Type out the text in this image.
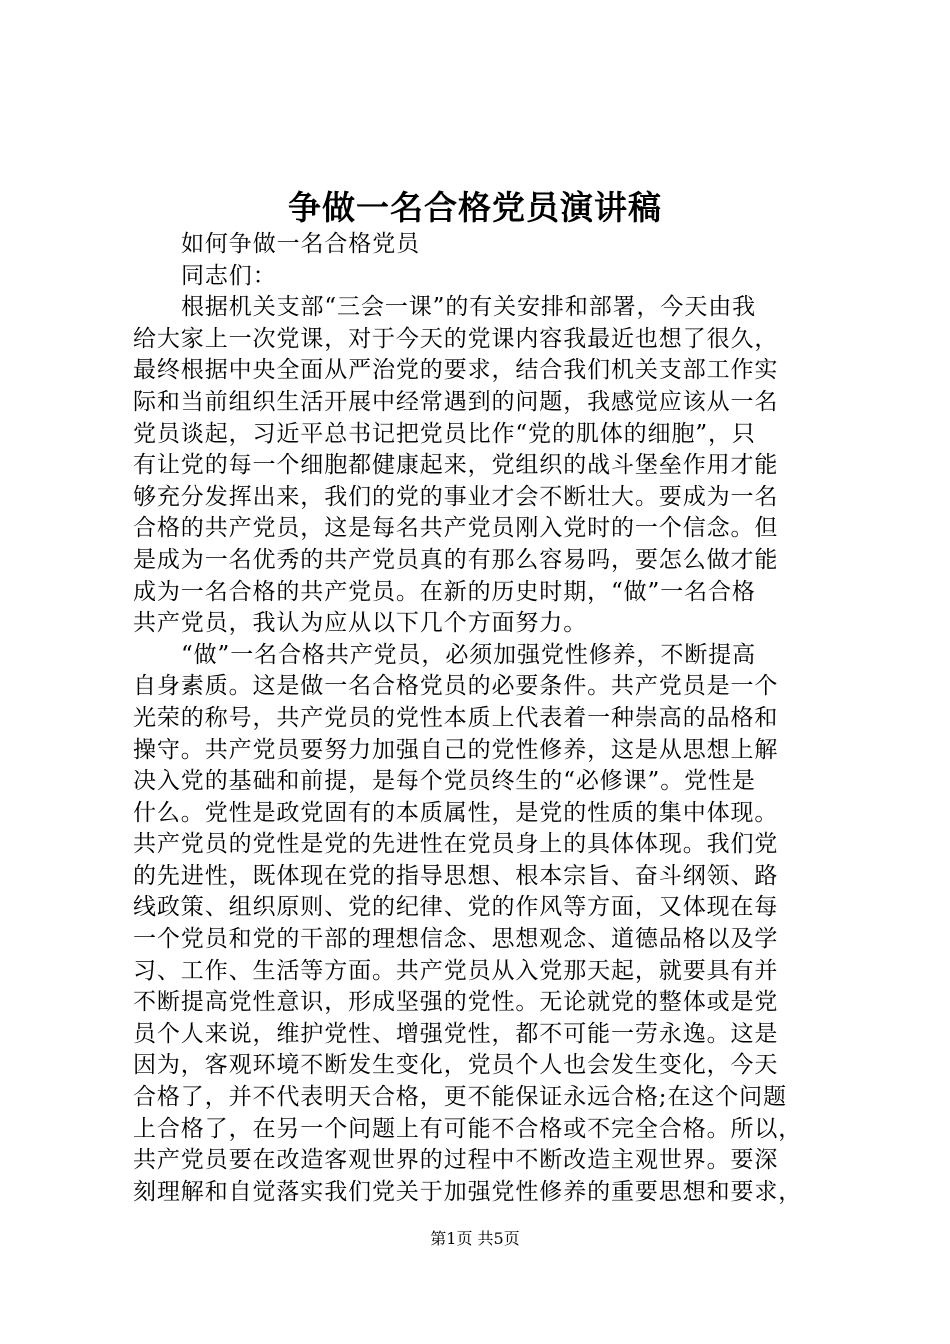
争做一名合格党员演讲稿
如何争做一名合格党员
同志们：
根据机关支部“三会一课”的有关安排和部署，今天由我
给大家上一次党课，对于今天的党课内容我最近也想了很久，
最终根据中央全面从严治党的要求，结合我们机关支部工作实
际和当前组织生活开展中经常遇到的问题，我感觉应该从一名
党员谈起，习近平总书记把党员比作“党的肌体的细胞”，只
有让党的每一个细胞都健康起来，党组织的战斗堡垒作用才能
够充分发挥出来，我们的党的事业才会不断壮大。要成为一名
合格的共产党员，这是每名共产党员刚入党时的一个信念。但
是成为一名优秀的共产党员真的有那么容易吗，要怎么做才能
成为一名合格的共产党员。在新的历史时期，“做”一名合格
共产党员，我认为应从以下几个方面努力。
“做”一名合格共产党员，必须加强党性修养，不断提高
自身素质。这是做一名合格党员的必要条件。共产党员是一个
光荣的称号，共产党员的党性本质上代表着一种崇高的品格和
操守。共产党员要努力加强自己的党性修养，这是从思想上解
决入党的基础和前提，是每个党员终生的“必修课”。党性是
什么。党性是政党固有的本质属性，是党的性质的集中体现。
共产党员的党性是党的先进性在党员身上的具体体现。我们党
的先进性，既体现在党的指导思想、根本宗旨、奋斗纲领、路
线政策、组织原则、党的纪律、党的作风等方面，又体现在每
一个党员和党的干部的理想信念、思想观念、道德品格以及学
习、工作、生活等方面。共产党员从入党那天起，就要具有并
不断提高党性意识，形成坚强的党性。无论就党的整体或是党
员个人来说，维护党性、增强党性，都不可能一劳永逸。这是
因为，客观环境不断发生变化，党员个人也会发生变化，今天
合格了，并不代表明天合格，更不能保证永远合格;在这个问题
上合格了，在另一个问题上有可能不合格或不完全合格。所以，
共产党员要在改造客观世界的过程中不断改造主观世界。要深
刻理解和自觉落实我们党关于加强党性修养的重要思想和要求，
第1页 共5页
